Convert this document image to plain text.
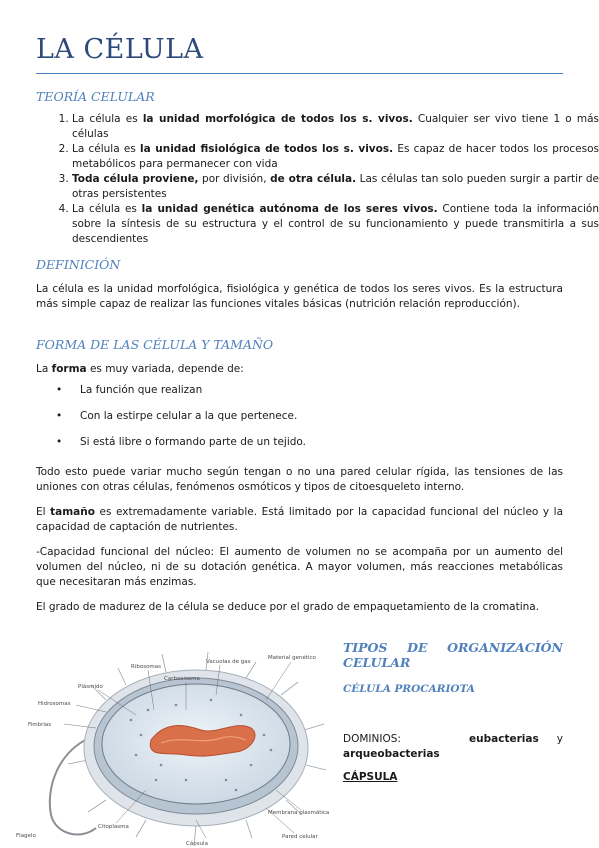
LA CÉLULA
TEORÍA CELULAR
1. La célula es la unidad morfológica de todos los s. vivos. Cualquier ser vivo tiene 1 o más células
2. La célula es la unidad fisiológica de todos los s. vivos. Es capaz de hacer todos los procesos metabólicos para permanecer con vida
3. Toda célula proviene, por división, de otra célula. Las células tan solo pueden surgir a partir de otras persistentes
4. La célula es la unidad genética autónoma de los seres vivos. Contiene toda la información sobre la síntesis de su estructura y el control de su funcionamiento y puede transmitirla a sus descendientes
DEFINICIÓN

La célula es la unidad morfológica, fisiológica y genética de todos los seres vivos. Es la estructura más simple capaz de realizar las funciones vitales básicas (nutrición relación reproducción).

FORMA DE LAS CÉLULA Y TAMAÑO

La forma es muy variada, depende de:

• La función que realizan
• Con la estirpe celular a la que pertenece.
• Si está libre o formando parte de un tejido.

Todo esto puede variar mucho según tengan o no una pared celular rígida, las tensiones de las uniones con otras células, fenómenos osmóticos y tipos de citoesqueleto interno.

El tamaño es extremadamente variable. Está limitado por la capacidad funcional del núcleo y la capacidad de captación de nutrientes.

-Capacidad funcional del núcleo: El aumento de volumen no se acompaña por un aumento del volumen del núcleo, ni de su dotación genética. A mayor volumen, más reacciones metabólicas que necesitaran más enzimas.

El grado de madurez de la célula se deduce por el grado de empaquetamiento de la cromatina.

Ribosomas
Vacuolas de gas
Material genético
Carboxisoma
Plásmido
Hidrosomas
Fimbrias
Membrana plasmática
Citoplasma
Pared celular
Flagelo
Cápsula
TIPOS DE ORGANIZACIÓN
CELULAR
CÉLULA PROCARIOTA
DOMINIOS:	eubacterias y
arqueobacterias

CÁPSULA
